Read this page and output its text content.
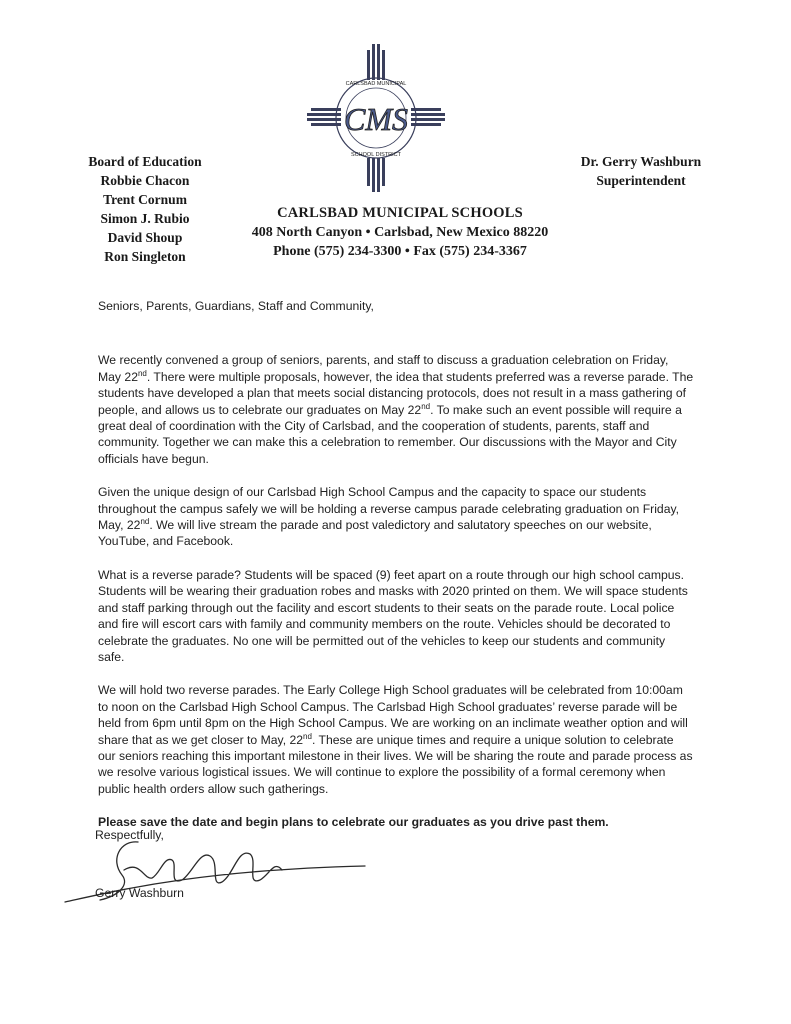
CMS
CARLSBAD MUNICIPAL
SCHOOL DISTRICT
Board of Education
Robbie Chacon
Trent Cornum
Simon J. Rubio
David Shoup
Ron Singleton
Dr. Gerry Washburn
Superintendent
CARLSBAD MUNICIPAL SCHOOLS
408 North Canyon • Carlsbad, New Mexico 88220
Phone (575) 234-3300 • Fax (575) 234-3367

Seniors, Parents, Guardians, Staff and Community,

We recently convened a group of seniors, parents, and staff to discuss a graduation celebration on Friday, May 22nd. There were multiple proposals, however, the idea that students preferred was a reverse parade. The students have developed a plan that meets social distancing protocols, does not result in a mass gathering of people, and allows us to celebrate our graduates on May 22nd. To make such an event possible will require a great deal of coordination with the City of Carlsbad, and the cooperation of students, parents, staff and community. Together we can make this a celebration to remember. Our discussions with the Mayor and City officials have begun.

Given the unique design of our Carlsbad High School Campus and the capacity to space our students throughout the campus safely we will be holding a reverse campus parade celebrating graduation on Friday, May, 22nd. We will live stream the parade and post valedictory and salutatory speeches on our website, YouTube, and Facebook.

What is a reverse parade? Students will be spaced (9) feet apart on a route through our high school campus. Students will be wearing their graduation robes and masks with 2020 printed on them. We will space students and staff parking through out the facility and escort students to their seats on the parade route. Local police and fire will escort cars with family and community members on the route. Vehicles should be decorated to celebrate the graduates. No one will be permitted out of the vehicles to keep our students and community safe.

We will hold two reverse parades. The Early College High School graduates will be celebrated from 10:00am to noon on the Carlsbad High School Campus. The Carlsbad High School graduates’ reverse parade will be held from 6pm until 8pm on the High School Campus. We are working on an inclimate weather option and will share that as we get closer to May, 22nd. These are unique times and require a unique solution to celebrate our seniors reaching this important milestone in their lives. We will be sharing the route and parade process as we resolve various logistical issues. We will continue to explore the possibility of a formal ceremony when public health orders allow such gatherings.

Please save the date and begin plans to celebrate our graduates as you drive past them.

Respectfully,
Gerry Washburn
